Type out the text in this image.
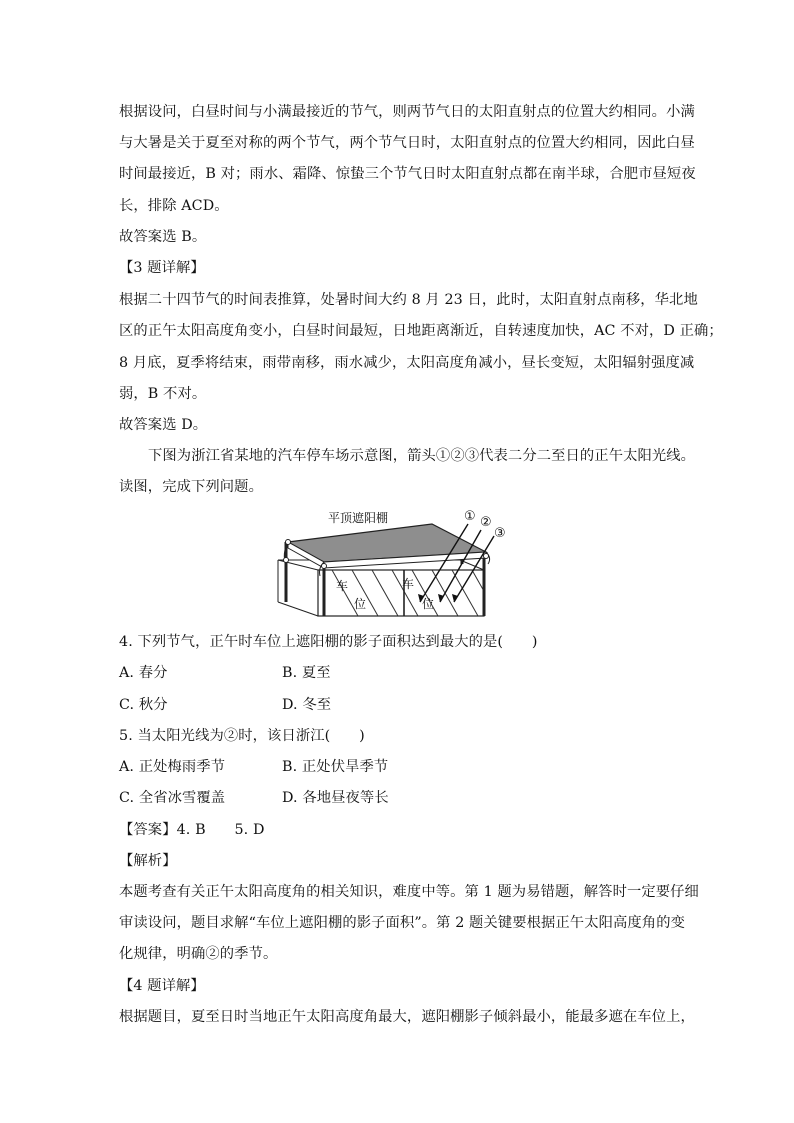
根据设问，白昼时间与小满最接近的节气，则两节气日的太阳直射点的位置大约相同。小满
与大暑是关于夏至对称的两个节气，两个节气日时，太阳直射点的位置大约相同，因此白昼
时间最接近，B 对；雨水、霜降、惊蛰三个节气日时太阳直射点都在南半球，合肥市昼短夜
长，排除 ACD。
故答案选 B。
【3 题详解】
根据二十四节气的时间表推算，处暑时间大约 8 月 23 日，此时，太阳直射点南移，华北地
区的正午太阳高度角变小，白昼时间最短，日地距离渐近，自转速度加快，AC 不对，D 正确；
8 月底，夏季将结束，雨带南移，雨水减少，太阳高度角减小，昼长变短，太阳辐射强度减
弱，B 不对。
故答案选 D。
下图为浙江省某地的汽车停车场示意图，箭头①②③代表二分二至日的正午太阳光线。
读图，完成下列问题。
平顶遮阳棚	① ②
③
车
位
车
位
4. 下列节气，正午时车位上遮阳棚的影子面积达到最大的是(　　)
A. 春分	B. 夏至
C. 秋分	D. 冬至
5. 当太阳光线为②时，该日浙江(　　)
A. 正处梅雨季节	B. 正处伏旱季节
C. 全省冰雪覆盖	D. 各地昼夜等长
【答案】4. B　　5. D
【解析】
本题考查有关正午太阳高度角的相关知识，难度中等。第 1 题为易错题，解答时一定要仔细
审读设问，题目求解“车位上遮阳棚的影子面积”。第 2 题关键要根据正午太阳高度角的变
化规律，明确②的季节。
【4 题详解】
根据题目，夏至日时当地正午太阳高度角最大，遮阳棚影子倾斜最小，能最多遮在车位上，
